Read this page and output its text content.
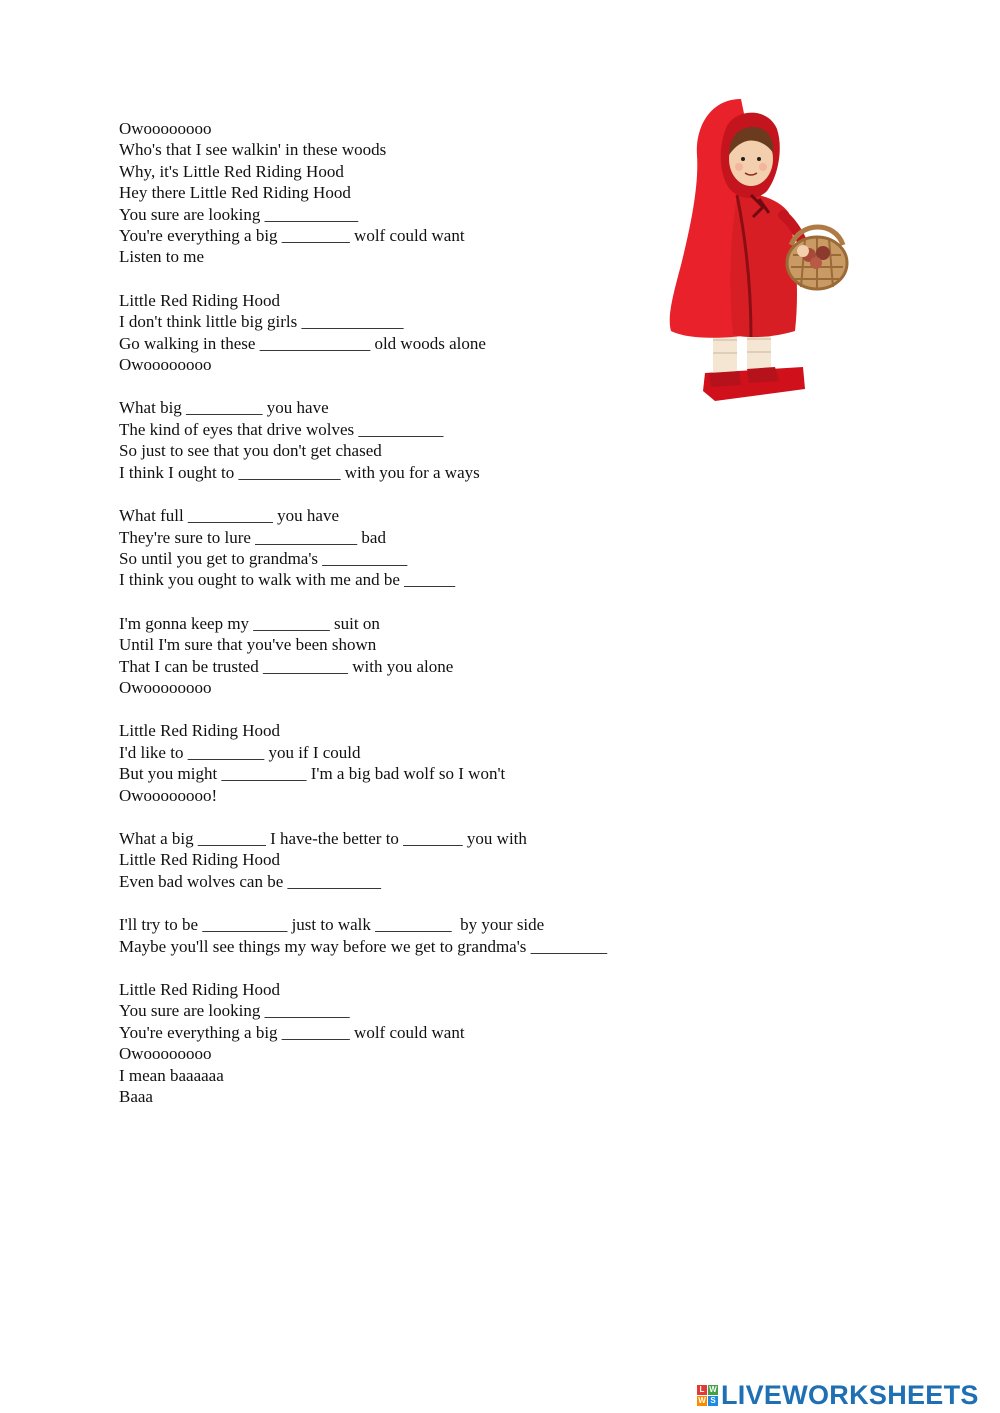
Owoooooooo
Who's that I see walkin' in these woods
Why, it's Little Red Riding Hood
Hey there Little Red Riding Hood
You sure are looking ___________
You're everything a big ________ wolf could want
Listen to me
Little Red Riding Hood
I don't think little big girls ____________
Go walking in these _____________ old woods alone
Owoooooooo
What big _________ you have
The kind of eyes that drive wolves __________
So just to see that you don't get chased
I think I ought to ____________ with you for a ways
What full __________ you have
They're sure to lure ____________ bad
So until you get to grandma's __________
I think you ought to walk with me and be ______
I'm gonna keep my _________ suit on
Until I'm sure that you've been shown
That I can be trusted __________ with you alone
Owoooooooo
Little Red Riding Hood
I'd like to _________ you if I could
But you might __________ I'm a big bad wolf so I won't
Owoooooooo!
What a big ________ I have-the better to _______ you with
Little Red Riding Hood
Even bad wolves can be ___________
I'll try to be __________ just to walk _________  by your side
Maybe you'll see things my way before we get to grandma's _________
Little Red Riding Hood
You sure are looking __________
You're everything a big ________ wolf could want
Owoooooooo
I mean baaaaaa
Baaa
L W
W S LIVEWORKSHEETS
